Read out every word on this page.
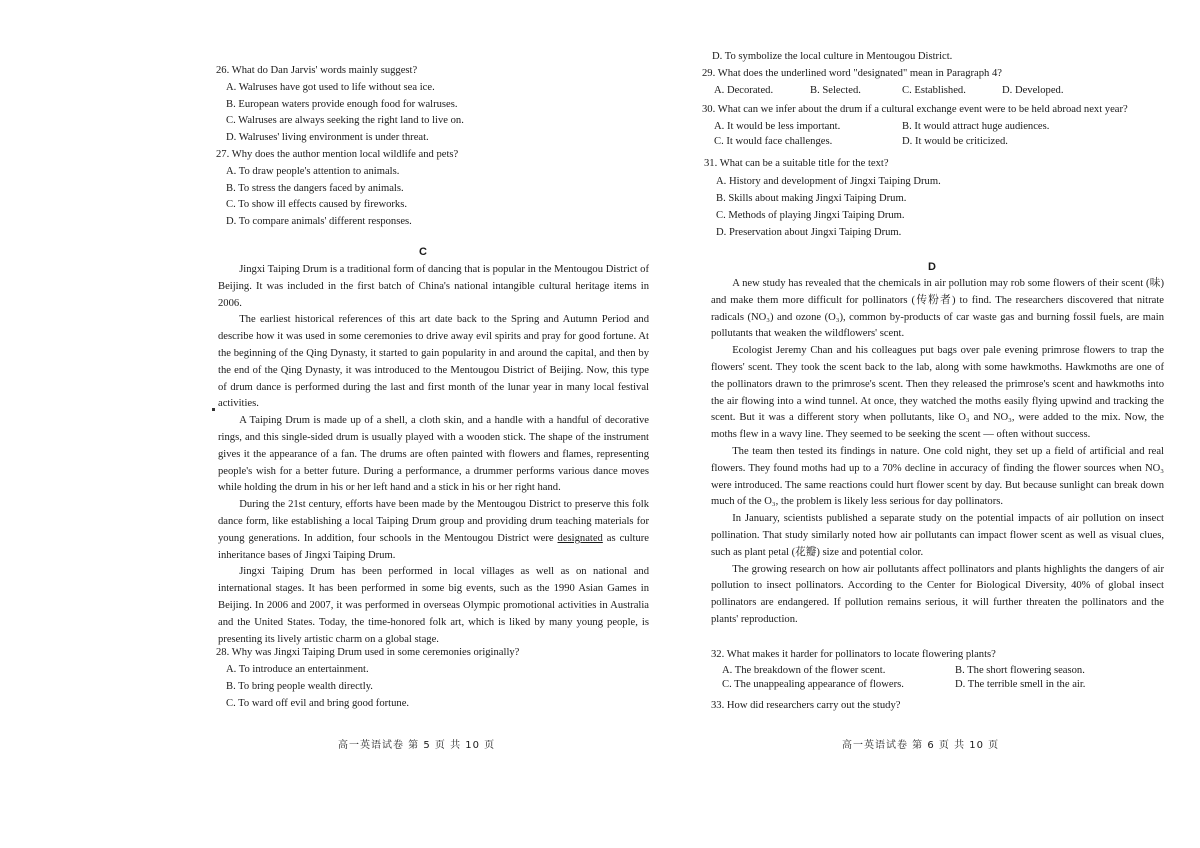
26. What do Dan Jarvis' words mainly suggest?
A. Walruses have got used to life without sea ice.
B. European waters provide enough food for walruses.
C. Walruses are always seeking the right land to live on.
D. Walruses' living environment is under threat.
27. Why does the author mention local wildlife and pets?
A. To draw people's attention to animals.
B. To stress the dangers faced by animals.
C. To show ill effects caused by fireworks.
D. To compare animals' different responses.
C

Jingxi Taiping Drum is a traditional form of dancing that is popular in the Mentougou District of Beijing. It was included in the first batch of China's national intangible cultural heritage items in 2006.

The earliest historical references of this art date back to the Spring and Autumn Period and describe how it was used in some ceremonies to drive away evil spirits and pray for good fortune. At the beginning of the Qing Dynasty, it started to gain popularity in and around the capital, and then by the end of the Qing Dynasty, it was introduced to the Mentougou District of Beijing. Now, this type of drum dance is performed during the last and first month of the lunar year in many local festival activities.

A Taiping Drum is made up of a shell, a cloth skin, and a handle with a handful of decorative rings, and this single-sided drum is usually played with a wooden stick. The shape of the instrument gives it the appearance of a fan. The drums are often painted with flowers and flames, representing people's wish for a better future. During a performance, a drummer performs various dance moves while holding the drum in his or her left hand and a stick in his or her right hand.

During the 21st century, efforts have been made by the Mentougou District to preserve this folk dance form, like establishing a local Taiping Drum group and providing drum teaching materials for young generations. In addition, four schools in the Mentougou District were designated as culture inheritance bases of Jingxi Taiping Drum.

Jingxi Taiping Drum has been performed in local villages as well as on national and international stages. It has been performed in some big events, such as the 1990 Asian Games in Beijing. In 2006 and 2007, it was performed in overseas Olympic promotional activities in Australia and the United States. Today, the time-honored folk art, which is liked by many young people, is presenting its lively artistic charm on a global stage.

28. Why was Jingxi Taiping Drum used in some ceremonies originally?
A. To introduce an entertainment.
B. To bring people wealth directly.
C. To ward off evil and bring good fortune.
高一英语试卷 第 5 页 共 10 页
D. To symbolize the local culture in Mentougou District.
29. What does the underlined word "designated" mean in Paragraph 4?
A. Decorated.	B. Selected.	C. Established.	D. Developed.
30. What can we infer about the drum if a cultural exchange event were to be held abroad next year?
A. It would be less important.	B. It would attract huge audiences.
C. It would face challenges.	D. It would be criticized.
31. What can be a suitable title for the text?
A. History and development of Jingxi Taiping Drum.
B. Skills about making Jingxi Taiping Drum.
C. Methods of playing Jingxi Taiping Drum.
D. Preservation about Jingxi Taiping Drum.
D

A new study has revealed that the chemicals in air pollution may rob some flowers of their scent (味) and make them more difficult for pollinators (传粉者) to find. The researchers discovered that nitrate radicals (NO₃) and ozone (O₃), common by-products of car waste gas and burning fossil fuels, are main pollutants that weaken the wildflowers' scent.

Ecologist Jeremy Chan and his colleagues put bags over pale evening primrose flowers to trap the flowers' scent. They took the scent back to the lab, along with some hawkmoths. Hawkmoths are one of the pollinators drawn to the primrose's scent. Then they released the primrose's scent and hawkmoths into the air flowing into a wind tunnel. At once, they watched the moths easily flying upwind and tracking the scent. But it was a different story when pollutants, like O₃ and NO₃, were added to the mix. Now, the moths flew in a wavy line. They seemed to be seeking the scent — often without success.

The team then tested its findings in nature. One cold night, they set up a field of artificial and real flowers. They found moths had up to a 70% decline in accuracy of finding the flower sources when NO₃ were introduced. The same reactions could hurt flower scent by day. But because sunlight can break down much of the O₃, the problem is likely less serious for day pollinators.

In January, scientists published a separate study on the potential impacts of air pollution on insect pollination. That study similarly noted how air pollutants can impact flower scent as well as visual clues, such as plant petal (花瓣) size and potential color.

The growing research on how air pollutants affect pollinators and plants highlights the dangers of air pollution to insect pollinators. According to the Center for Biological Diversity, 40% of global insect pollinators are endangered. If pollution remains serious, it will further threaten the pollinators and the plants' reproduction.

32. What makes it harder for pollinators to locate flowering plants?
A. The breakdown of the flower scent.	B. The short flowering season.
C. The unappealing appearance of flowers.	D. The terrible smell in the air.
33. How did researchers carry out the study?
高一英语试卷 第 6 页 共 10 页
